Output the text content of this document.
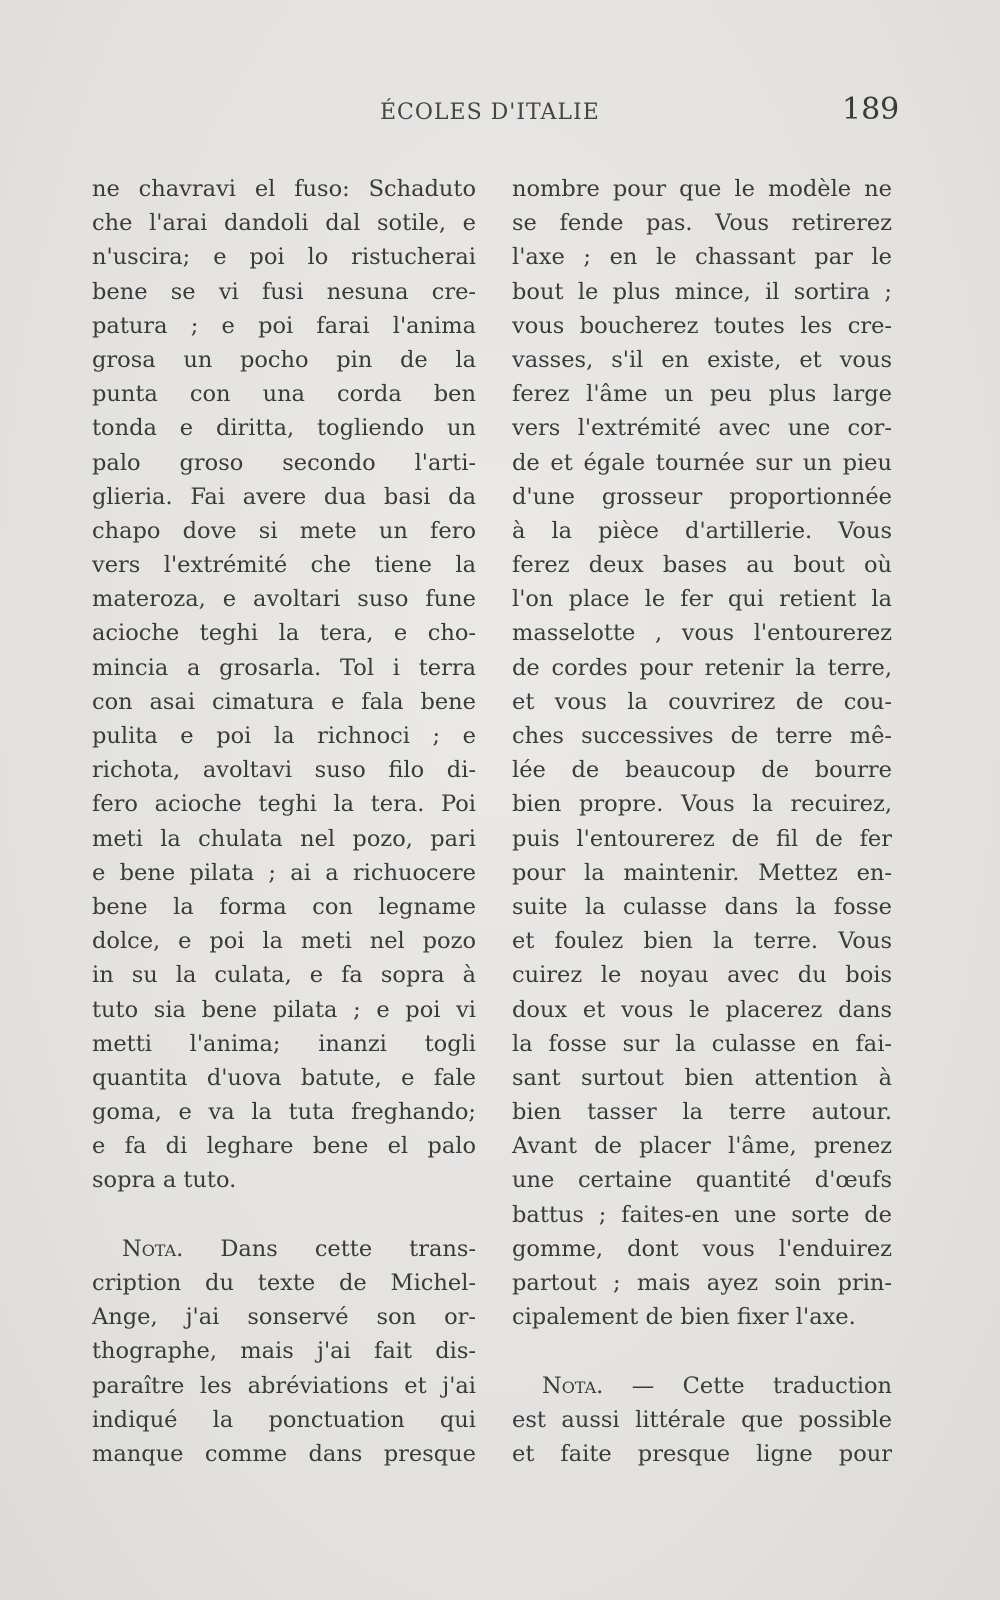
ÉCOLES D'ITALIE	189
ne chavravi el fuso: Schaduto
che l'arai dandoli dal sotile, e
n'uscira; e poi lo ristucherai
bene se vi fusi nesuna cre-
patura ; e poi farai l'anima
grosa un pocho pin de la
punta con una corda ben
tonda e diritta, togliendo un
palo groso secondo l'arti-
glieria. Fai avere dua basi da
chapo dove si mete un fero
vers l'extrémité che tiene la
materoza, e avoltari suso fune
acioche teghi la tera, e cho-
mincia a grosarla. Tol i terra
con asai cimatura e fala bene
pulita e poi la richnoci ; e
richota, avoltavi suso filo di-
fero acioche teghi la tera. Poi
meti la chulata nel pozo, pari
e bene pilata ; ai a richuocere
bene la forma con legname
dolce, e poi la meti nel pozo
in su la culata, e fa sopra à
tuto sia bene pilata ; e poi vi
metti l'anima; inanzi togli
quantita d'uova batute, e fale
goma, e va la tuta freghando;
e fa di leghare bene el palo
sopra a tuto.
Nota. Dans cette trans-
cription du texte de Michel-
Ange, j'ai sonservé son or-
thographe, mais j'ai fait dis-
paraître les abréviations et j'ai
indiqué la ponctuation qui
manque comme dans presque
nombre pour que le modèle ne
se fende pas. Vous retirerez
l'axe ; en le chassant par le
bout le plus mince, il sortira ;
vous boucherez toutes les cre-
vasses, s'il en existe, et vous
ferez l'âme un peu plus large
vers l'extrémité avec une cor-
de et égale tournée sur un pieu
d'une grosseur proportionnée
à la pièce d'artillerie. Vous
ferez deux bases au bout où
l'on place le fer qui retient la
masselotte , vous l'entourerez
de cordes pour retenir la terre,
et vous la couvrirez de cou-
ches successives de terre mê-
lée de beaucoup de bourre
bien propre. Vous la recuirez,
puis l'entourerez de fil de fer
pour la maintenir. Mettez en-
suite la culasse dans la fosse
et foulez bien la terre. Vous
cuirez le noyau avec du bois
doux et vous le placerez dans
la fosse sur la culasse en fai-
sant surtout bien attention à
bien tasser la terre autour.
Avant de placer l'âme, prenez
une certaine quantité d'œufs
battus ; faites-en une sorte de
gomme, dont vous l'enduirez
partout ; mais ayez soin prin-
cipalement de bien fixer l'axe.
Nota. — Cette traduction
est aussi littérale que possible
et faite presque ligne pour
